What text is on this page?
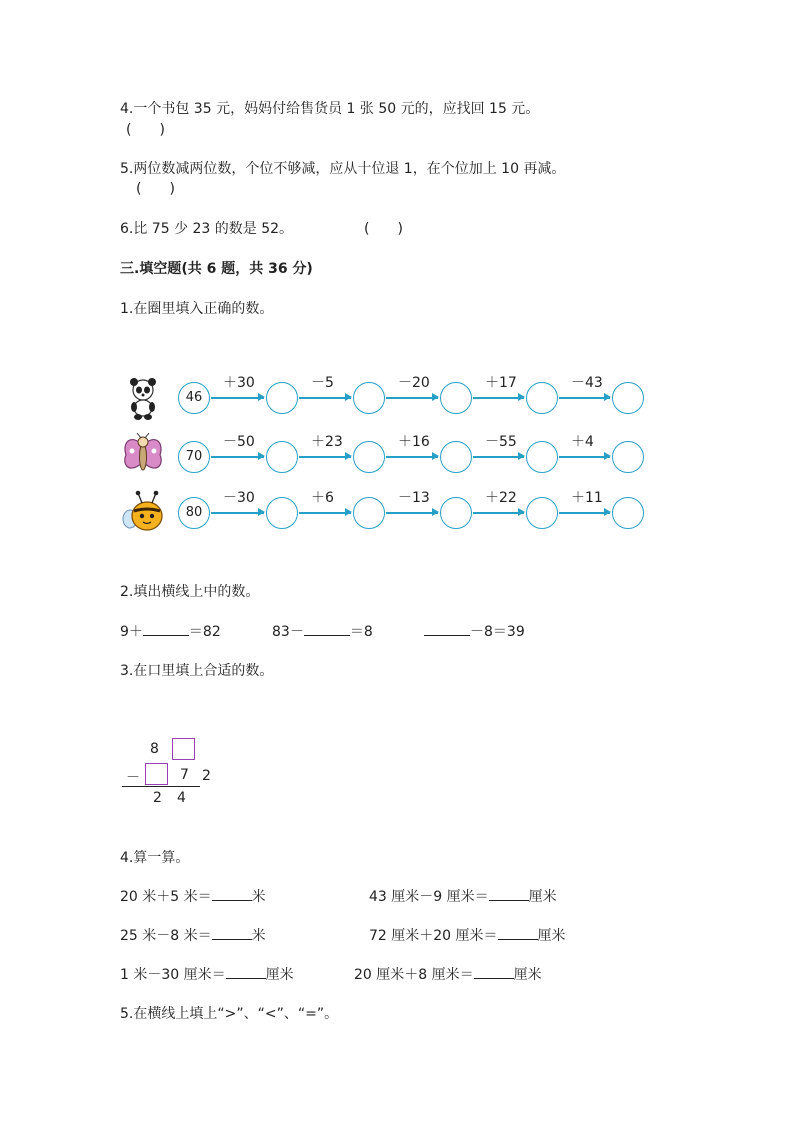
4.一个书包 35 元，妈妈付给售货员 1 张 50 元的，应找回 15 元。
(　　)
5.两位数减两位数，个位不够减，应从十位退 1，在个位加上 10 再减。
(　　)
6.比 75 少 23 的数是 52。	(　　)
三.填空题(共 6 题，共 36 分)
1.在圈里填入正确的数。
＋30	－5	－20	＋17	－43
46
－50	＋23	＋16	－55	＋4
70
－30	＋6	－13	＋22	＋11
80
2.填出横线上中的数。
9＋	＝82	83－	＝8	－8＝39
3.在口里填上合适的数。
8
－	7 2
2 4
4.算一算。
20 米＋5 米＝	米	43 厘米－9 厘米＝	厘米
25 米－8 米＝	米	72 厘米＋20 厘米＝	厘米
1 米－30 厘米＝	厘米	20 厘米＋8 厘米＝	厘米
5.在横线上填上“>”、“<”、“=”。
